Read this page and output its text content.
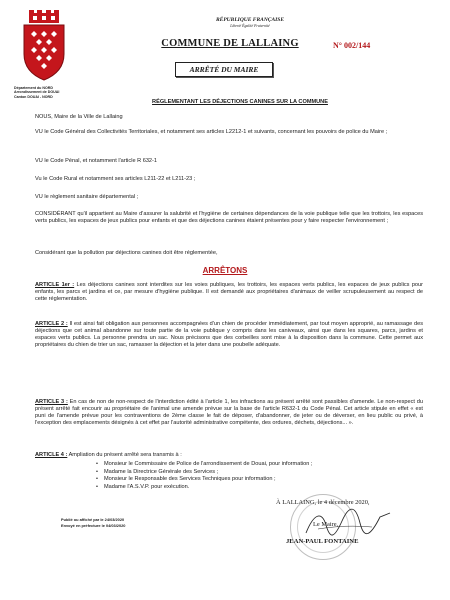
Département du NORD
Arrondissement de DOUAI
Canton DOUAI - NORD
RÉPUBLIQUE FRANÇAISE
Liberté Égalité Fraternité
COMMUNE DE LALLAING	N° 002/144
ARRÊTÉ DU MAIRE
RÉGLEMENTANT LES DÉJECTIONS CANINES SUR LA COMMUNE
NOUS, Maire de la Ville de Lallaing
VU le Code Général des Collectivités Territoriales, et notamment ses articles L2212-1 et suivants, concernant les pouvoirs de police du Maire ;
VU le Code Pénal, et notamment l'article R 632-1
Vu le Code Rural et notamment ses articles L211-22 et L211-23 ;
VU le règlement sanitaire départemental ;
CONSIDÉRANT qu'il appartient au Maire d'assurer la salubrité et l'hygiène de certaines dépendances de la voie publique telle que les trottoirs, les espaces verts publics, les espaces de jeux publics pour enfants et que des déjections canines étaient présentes pour y faire respecter l'environnement ;
Considérant que la pollution par déjections canines doit être réglementée,
ARRÊTONS
ARTICLE 1er : Les déjections canines sont interdites sur les voies publiques, les trottoirs, les espaces verts publics, les espaces de jeux publics pour enfants, les parcs et jardins et ce, par mesure d'hygiène publique. Il est demandé aux propriétaires d'animaux de veiller scrupuleusement au respect de cette réglementation.
ARTICLE 2 : Il est ainsi fait obligation aux personnes accompagnées d'un chien de procéder immédiatement, par tout moyen approprié, au ramassage des déjections que cet animal abandonne sur toute partie de la voie publique y compris dans les caniveaux, ainsi que dans les squares, parcs, jardins et espaces verts publics. La personne prendra un sac. Nous précisons que des corbeilles sont mise à la disposition dans la commune. Cette permet aux propriétaires du chien de trier un sac, ramasser la déjection et la jeter dans une poubelle adéquate.
ARTICLE 3 : En cas de non de non-respect de l'interdiction édité à l'article 1, les infractions au présent arrêté sont passibles d'amende. Le non-respect du présent arrêté fait encourir au propriétaire de l'animal une amende prévue sur la base de l'article R632-1 du Code Pénal. Cet article stipule en effet « est puni de l'amende prévue pour les contraventions de 2ème classe le fait de déposer, d'abandonner, de jeter ou de déverser, en lieu public ou privé, à l'exception des emplacements désignés à cet effet par l'autorité administrative compétente, des ordures, déchets, déjections... ».
ARTICLE 4 : Ampliation du présent arrêté sera transmis à :
• Monsieur le Commissaire de Police de l'arrondissement de Douai, pour information ;
• Madame la Directrice Générale des Services ;
• Monsieur le Responsable des Services Techniques pour information ;
• Madame l'A.S.V.P. pour exécution.
Publié ou affiché par le 24/03/2020
Envoyé en préfecture le 04/03/2020
À LALLAING, le 4 décembre 2020,
Le Maire,
JEAN-PAUL FONTAINE
